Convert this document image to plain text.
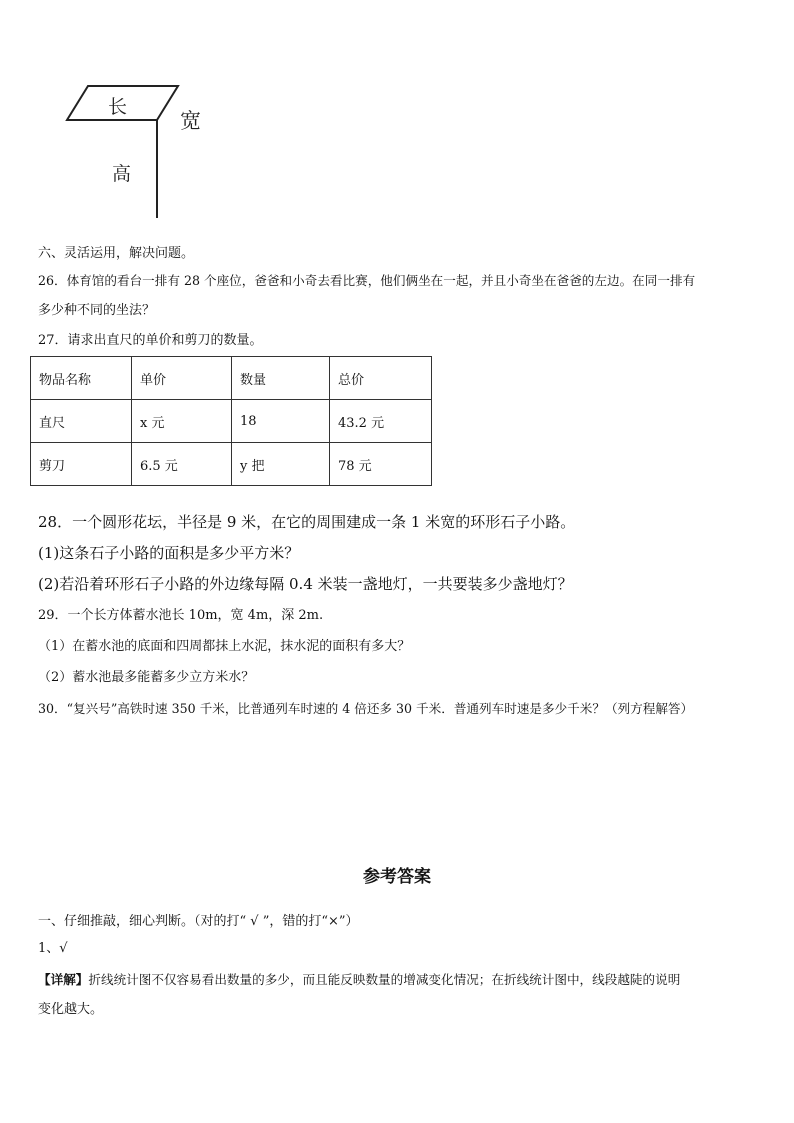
长
宽
高
六、灵活运用，解决问题。
26．体育馆的看台一排有 28 个座位，爸爸和小奇去看比赛，他们俩坐在一起，并且小奇坐在爸爸的左边。在同一排有
多少种不同的坐法？
27．请求出直尺的单价和剪刀的数量。
物品名称	单价	数量	总价
直尺	x 元	18	43.2 元
剪刀	6.5 元	y 把	78 元
28．一个圆形花坛，半径是 9 米，在它的周围建成一条 1 米宽的环形石子小路。
(1)这条石子小路的面积是多少平方米？
(2)若沿着环形石子小路的外边缘每隔 0.4 米装一盏地灯，一共要装多少盏地灯？
29．一个长方体蓄水池长 10m，宽 4m，深 2m.
（1）在蓄水池的底面和四周都抹上水泥，抹水泥的面积有多大？
（2）蓄水池最多能蓄多少立方米水？
30．“复兴号”高铁时速 350 千米，比普通列车时速的 4 倍还多 30 千米．普通列车时速是多少千米？（列方程解答）
参考答案
一、仔细推敲，细心判断。（对的打“ √ ”，错的打“×”）
1、√
【详解】折线统计图不仅容易看出数量的多少，而且能反映数量的增减变化情况；在折线统计图中，线段越陡的说明
变化越大。
